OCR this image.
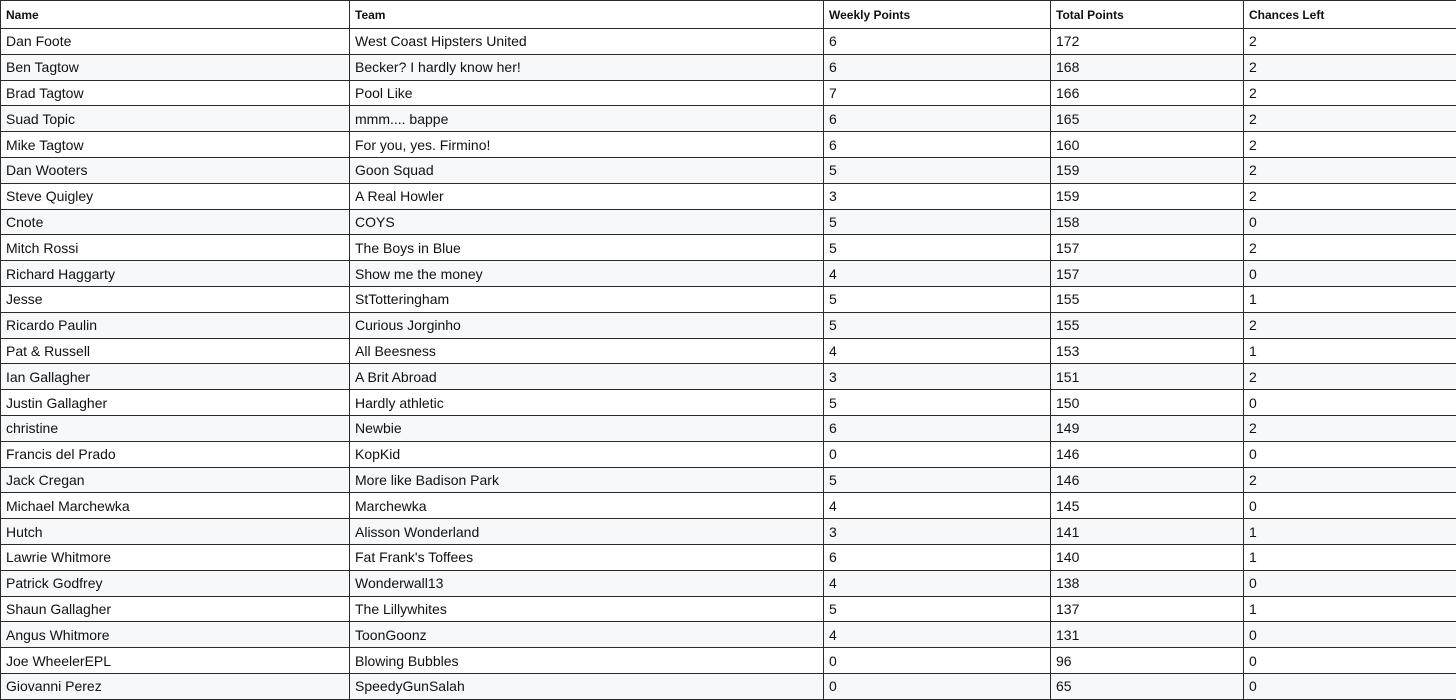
Name	Team	Weekly Points	Total Points	Chances Left
Dan Foote	West Coast Hipsters United	6	172	2
Ben Tagtow	Becker? I hardly know her!	6	168	2
Brad Tagtow	Pool Like	7	166	2
Suad Topic	mmm.... bappe	6	165	2
Mike Tagtow	For you, yes. Firmino!	6	160	2
Dan Wooters	Goon Squad	5	159	2
Steve Quigley	A Real Howler	3	159	2
Cnote	COYS	5	158	0
Mitch Rossi	The Boys in Blue	5	157	2
Richard Haggarty	Show me the money	4	157	0
Jesse	StTotteringham	5	155	1
Ricardo Paulin	Curious Jorginho	5	155	2
Pat & Russell	All Beesness	4	153	1
Ian Gallagher	A Brit Abroad	3	151	2
Justin Gallagher	Hardly athletic	5	150	0
christine	Newbie	6	149	2
Francis del Prado	KopKid	0	146	0
Jack Cregan	More like Badison Park	5	146	2
Michael Marchewka	Marchewka	4	145	0
Hutch	Alisson Wonderland	3	141	1
Lawrie Whitmore	Fat Frank's Toffees	6	140	1
Patrick Godfrey	Wonderwall13	4	138	0
Shaun Gallagher	The Lillywhites	5	137	1
Angus Whitmore	ToonGoonz	4	131	0
Joe WheelerEPL	Blowing Bubbles	0	96	0
Giovanni Perez	SpeedyGunSalah	0	65	0
